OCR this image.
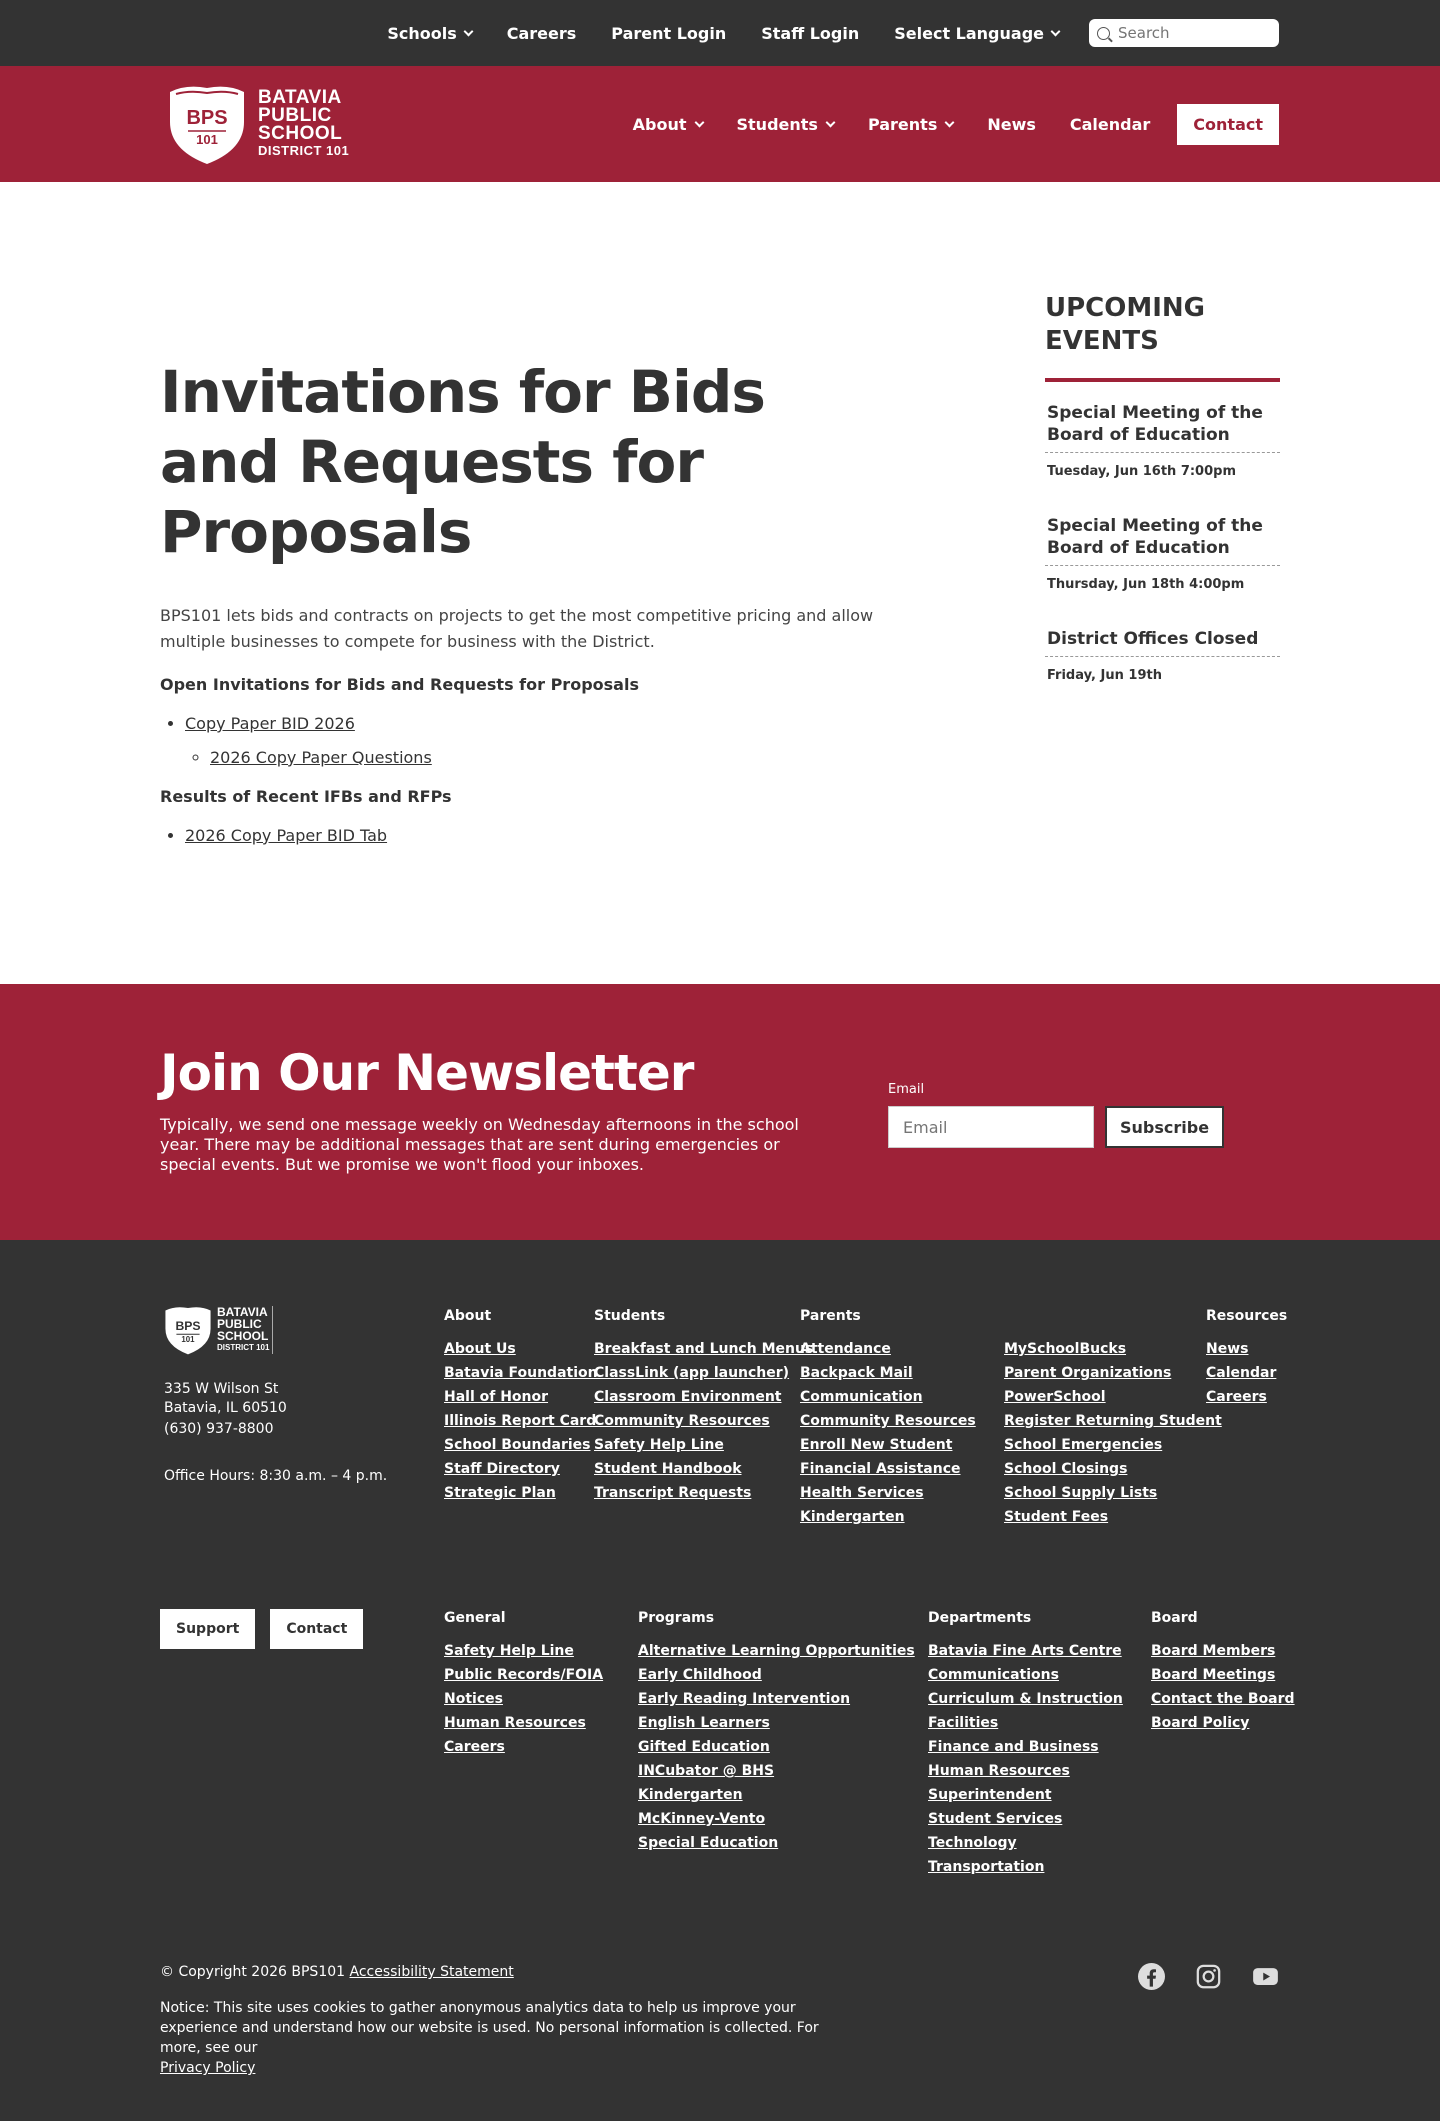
Schools	Careers Parent Login Staff Login Select Language
Search
BPS
101
BATAVIA
PUBLIC
SCHOOL
DISTRICT 101
About	Students	Parents	News Calendar	Contact
Invitations for Bids and Requests for Proposals

BPS101 lets bids and contracts on projects to get the most competitive pricing and allow multiple businesses to compete for business with the District.

Open Invitations for Bids and Requests for Proposals
• Copy Paper BID 2026
◦ 2026 Copy Paper Questions
Results of Recent IFBs and RFPs
• 2026 Copy Paper BID Tab
UPCOMING EVENTS
Special Meeting of the Board of Education
Tuesday, Jun 16th 7:00pm
Special Meeting of the Board of Education
Thursday, Jun 18th 4:00pm
District Offices Closed
Friday, Jun 19th
Join Our Newsletter

Typically, we send one message weekly on Wednesday afternoons in the school year. There may be additional messages that are sent during emergencies or special events. But we promise we won't flood your inboxes.

Email
Email
Subscribe
BPS
101
BATAVIA
PUBLIC
SCHOOL
DISTRICT 101
335 W Wilson St
Batavia, IL 60510
(630) 937-8800
Office Hours: 8:30 a.m. – 4 p.m.
About
About Us
Batavia Foundation
Hall of Honor
Illinois Report Card
School Boundaries
Staff Directory
Strategic Plan
Students
Breakfast and Lunch Menus
ClassLink (app launcher)
Classroom Environment
Community Resources
Safety Help Line
Student Handbook
Transcript Requests
Parents
Attendance
Backpack Mail
Communication
Community Resources
Enroll New Student
Financial Assistance
Health Services
Kindergarten
MySchoolBucks
Parent Organizations
PowerSchool
Register Returning Student
School Emergencies
School Closings
School Supply Lists
Student Fees
Resources
News
Calendar
Careers
Support	Contact
General
Safety Help Line
Public Records/FOIA
Notices
Human Resources
Careers
Programs
Alternative Learning Opportunities
Early Childhood
Early Reading Intervention
English Learners
Gifted Education
INCubator @ BHS
Kindergarten
McKinney-Vento
Special Education
Departments
Batavia Fine Arts Centre
Communications
Curriculum & Instruction
Facilities
Finance and Business
Human Resources
Superintendent
Student Services
Technology
Transportation
Board
Board Members
Board Meetings
Contact the Board
Board Policy
© Copyright 2026 BPS101 Accessibility Statement
Notice: This site uses cookies to gather anonymous analytics data to help us improve your experience and understand how our website is used. No personal information is collected. For more, see our
Privacy Policy
